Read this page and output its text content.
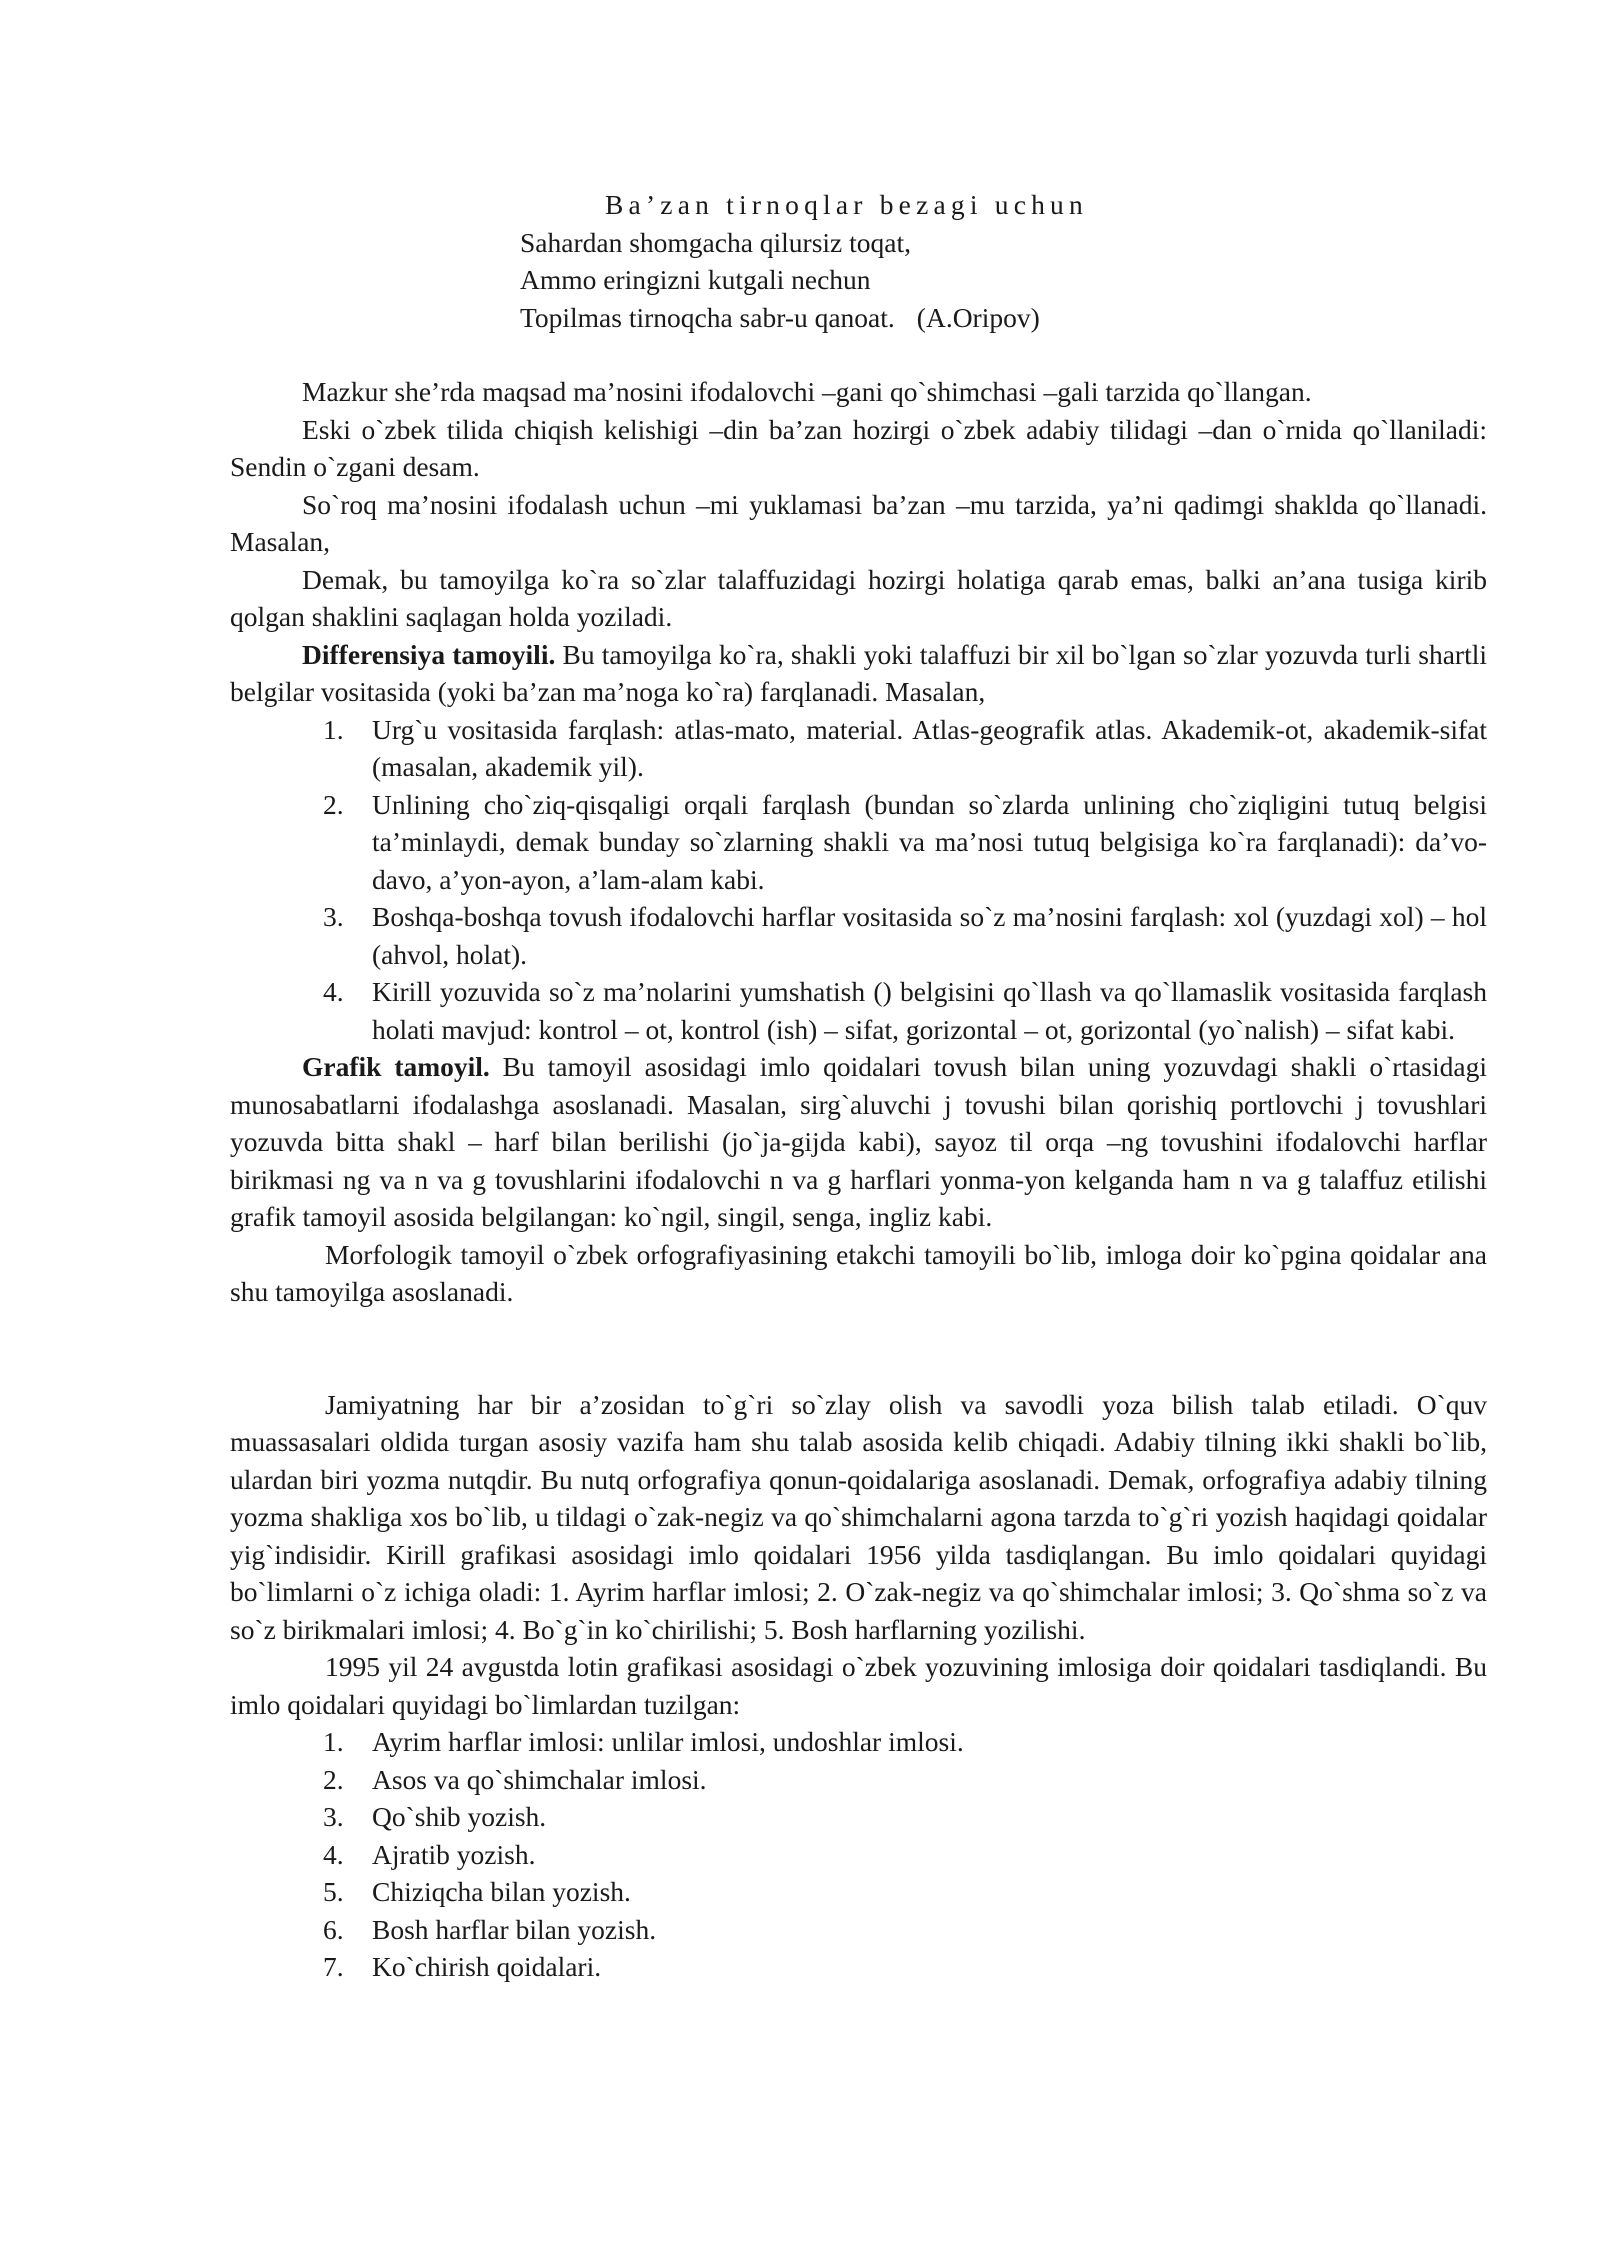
Ba’zan tirnoqlar bezagi uchun
Sahardan shomgacha qilursiz toqat,
Ammo eringizni kutgali nechun
Topilmas tirnoqcha sabr-u qanoat. (A.Oripov)

Mazkur she’rda maqsad ma’nosini ifodalovchi –gani qo`shimchasi –gali tarzida qo`llangan.

Eski o`zbek tilida chiqish kelishigi –din ba’zan hozirgi o`zbek adabiy tilidagi –dan o`rnida qo`llaniladi: Sendin o`zgani desam.

So`roq ma’nosini ifodalash uchun –mi yuklamasi ba’zan –mu tarzida, ya’ni qadimgi shaklda qo`llanadi. Masalan,

Demak, bu tamoyilga ko`ra so`zlar talaffuzidagi hozirgi holatiga qarab emas, balki an’ana tusiga kirib qolgan shaklini saqlagan holda yoziladi.

Differensiya tamoyili. Bu tamoyilga ko`ra, shakli yoki talaffuzi bir xil bo`lgan so`zlar yozuvda turli shartli belgilar vositasida (yoki ba’zan ma’noga ko`ra) farqlanadi. Masalan,

1. Urg`u vositasida farqlash: atlas-mato, material. Atlas-geografik atlas. Akademik-ot, akademik-sifat (masalan, akademik yil).
2. Unlining cho`ziq-qisqaligi orqali farqlash (bundan so`zlarda unlining cho`ziqligini tutuq belgisi ta’minlaydi, demak bunday so`zlarning shakli va ma’nosi tutuq belgisiga ko`ra farqlanadi): da’vo-davo, a’yon-ayon, a’lam-alam kabi.
3. Boshqa-boshqa tovush ifodalovchi harflar vositasida so`z ma’nosini farqlash: xol (yuzdagi xol) – hol (ahvol, holat).
4. Kirill yozuvida so`z ma’nolarini yumshatish () belgisini qo`llash va qo`llamaslik vositasida farqlash holati mavjud: kontrol – ot, kontrol (ish) – sifat, gorizontal – ot, gorizontal (yo`nalish) – sifat kabi.

Grafik tamoyil. Bu tamoyil asosidagi imlo qoidalari tovush bilan uning yozuvdagi shakli o`rtasidagi munosabatlarni ifodalashga asoslanadi. Masalan, sirg`aluvchi j tovushi bilan qorishiq portlovchi j tovushlari yozuvda bitta shakl – harf bilan berilishi (jo`ja-gijda kabi), sayoz til orqa –ng tovushini ifodalovchi harflar birikmasi ng va n va g tovushlarini ifodalovchi n va g harflari yonma-yon kelganda ham n va g talaffuz etilishi grafik tamoyil asosida belgilangan: ko`ngil, singil, senga, ingliz kabi.

Morfologik tamoyil o`zbek orfografiyasining etakchi tamoyili bo`lib, imloga doir ko`pgina qoidalar ana shu tamoyilga asoslanadi.

Jamiyatning har bir a’zosidan to`g`ri so`zlay olish va savodli yoza bilish talab etiladi. O`quv muassasalari oldida turgan asosiy vazifa ham shu talab asosida kelib chiqadi. Adabiy tilning ikki shakli bo`lib, ulardan biri yozma nutqdir. Bu nutq orfografiya qonun-qoidalariga asoslanadi. Demak, orfografiya adabiy tilning yozma shakliga xos bo`lib, u tildagi o`zak-negiz va qo`shimchalarni agona tarzda to`g`ri yozish haqidagi qoidalar yig`indisidir. Kirill grafikasi asosidagi imlo qoidalari 1956 yilda tasdiqlangan. Bu imlo qoidalari quyidagi bo`limlarni o`z ichiga oladi: 1. Ayrim harflar imlosi; 2. O`zak-negiz va qo`shimchalar imlosi; 3. Qo`shma so`z va so`z birikmalari imlosi; 4. Bo`g`in ko`chirilishi; 5. Bosh harflarning yozilishi.

1995 yil 24 avgustda lotin grafikasi asosidagi o`zbek yozuvining imlosiga doir qoidalari tasdiqlandi. Bu imlo qoidalari quyidagi bo`limlardan tuzilgan:

1. Ayrim harflar imlosi: unlilar imlosi, undoshlar imlosi.
2. Asos va qo`shimchalar imlosi.
3. Qo`shib yozish.
4. Ajratib yozish.
5. Chiziqcha bilan yozish.
6. Bosh harflar bilan yozish.
7. Ko`chirish qoidalari.
